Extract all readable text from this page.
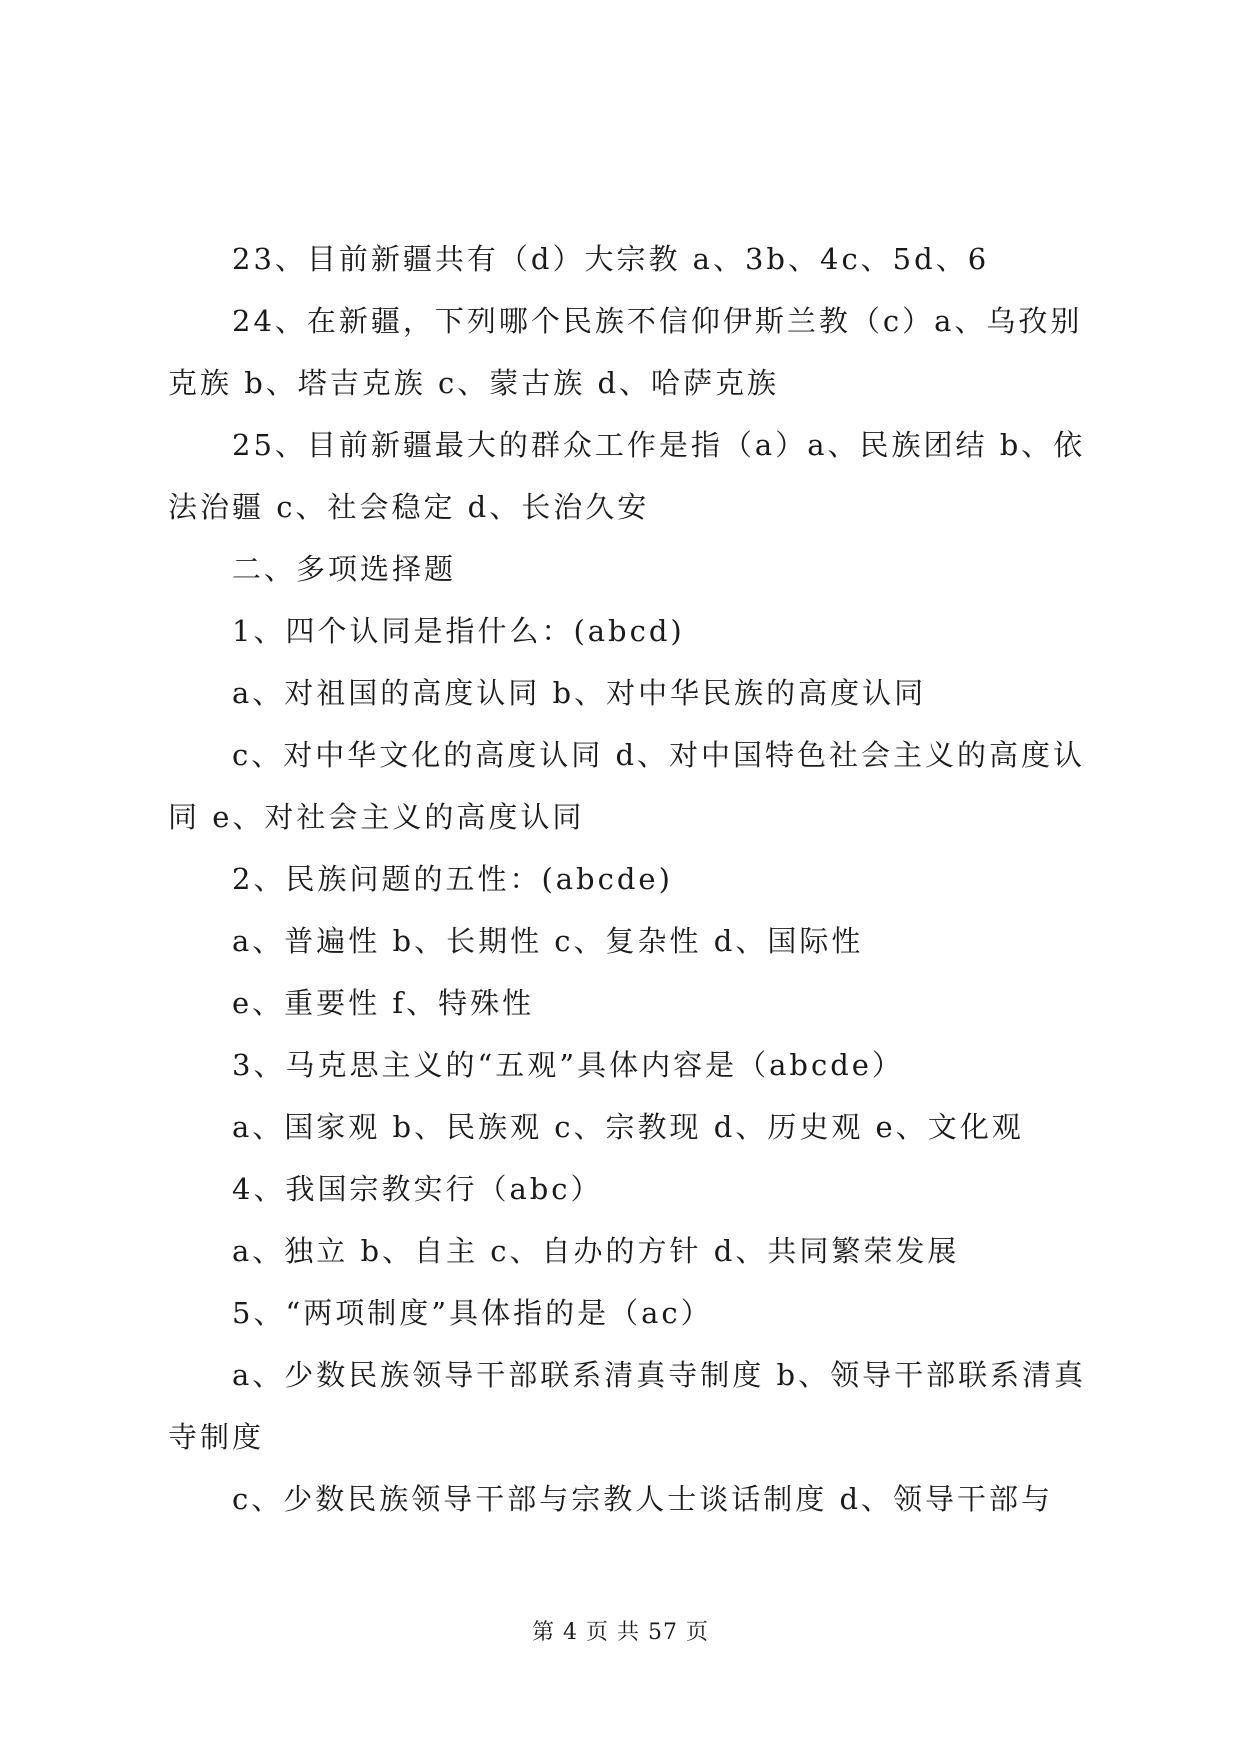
23、目前新疆共有（d）大宗教 a、3b、4c、5d、6

24、在新疆，下列哪个民族不信仰伊斯兰教（c）a、乌孜别克族 b、塔吉克族 c、蒙古族 d、哈萨克族

25、目前新疆最大的群众工作是指（a）a、民族团结 b、依法治疆 c、社会稳定 d、长治久安

二、多项选择题

1、四个认同是指什么：(abcd)

a、对祖国的高度认同 b、对中华民族的高度认同

c、对中华文化的高度认同 d、对中国特色社会主义的高度认同 e、对社会主义的高度认同

2、民族问题的五性：(abcde)

a、普遍性 b、长期性 c、复杂性 d、国际性

e、重要性 f、特殊性

3、马克思主义的“五观”具体内容是（abcde）

a、国家观 b、民族观 c、宗教现 d、历史观 e、文化观

4、我国宗教实行（abc）

a、独立 b、自主 c、自办的方针 d、共同繁荣发展

5、“两项制度”具体指的是（ac）

a、少数民族领导干部联系清真寺制度 b、领导干部联系清真寺制度

c、少数民族领导干部与宗教人士谈话制度 d、领导干部与

第 4 页 共 57 页
